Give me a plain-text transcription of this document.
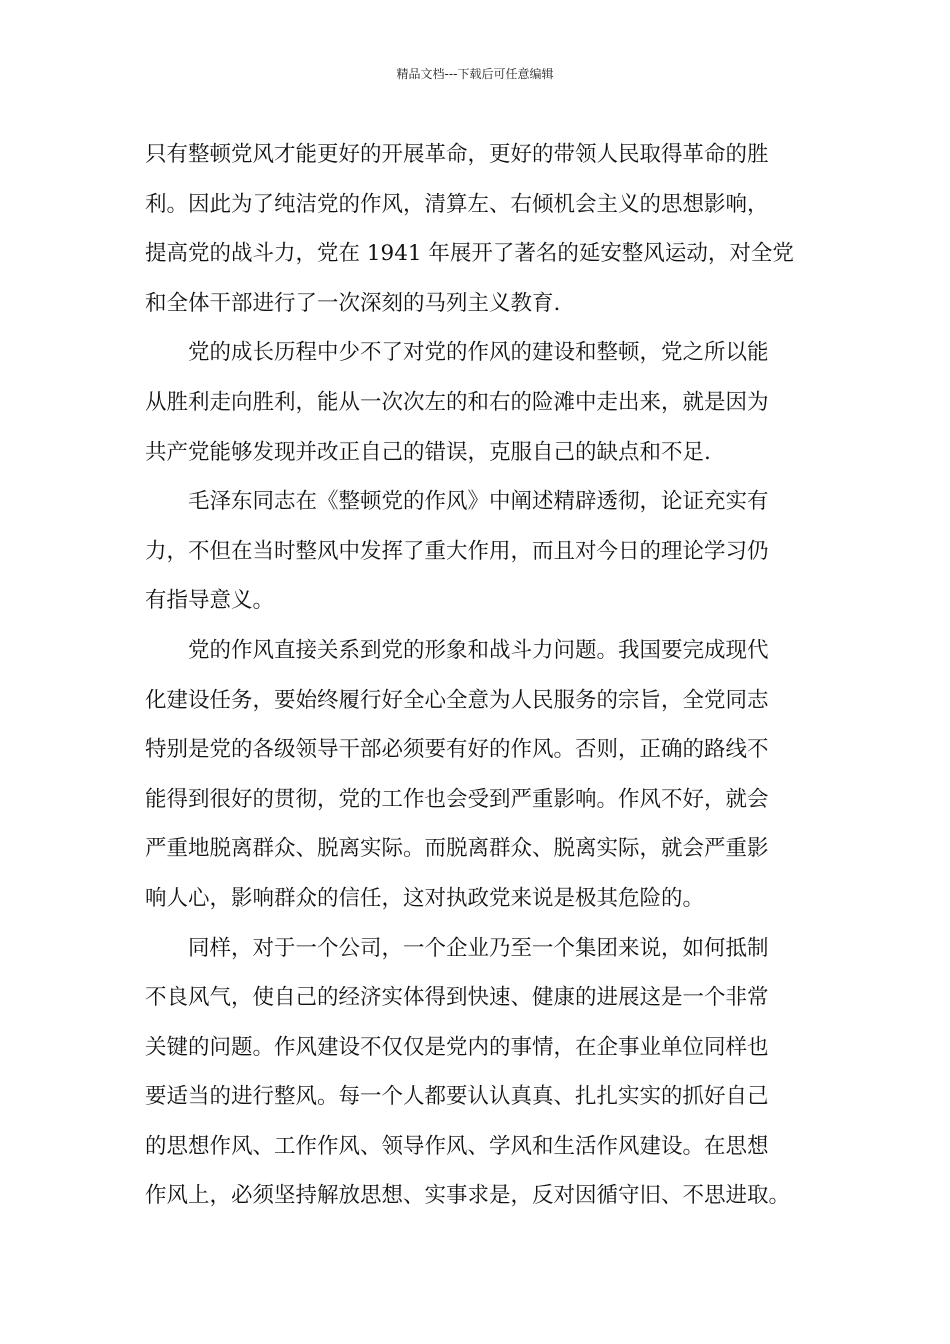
精品文档---下载后可任意编辑
只有整顿党风才能更好的开展革命，更好的带领人民取得革命的胜
利。因此为了纯洁党的作风，清算左、右倾机会主义的思想影响，
提高党的战斗力，党在 1941 年展开了著名的延安整风运动，对全党
和全体干部进行了一次深刻的马列主义教育.
党的成长历程中少不了对党的作风的建设和整顿，党之所以能
从胜利走向胜利，能从一次次左的和右的险滩中走出来，就是因为
共产党能够发现并改正自己的错误，克服自己的缺点和不足.
毛泽东同志在《整顿党的作风》中阐述精辟透彻，论证充实有
力，不但在当时整风中发挥了重大作用，而且对今日的理论学习仍
有指导意义。
党的作风直接关系到党的形象和战斗力问题。我国要完成现代
化建设任务，要始终履行好全心全意为人民服务的宗旨，全党同志
特别是党的各级领导干部必须要有好的作风。否则，正确的路线不
能得到很好的贯彻，党的工作也会受到严重影响。作风不好，就会
严重地脱离群众、脱离实际。而脱离群众、脱离实际，就会严重影
响人心，影响群众的信任，这对执政党来说是极其危险的。
同样，对于一个公司，一个企业乃至一个集团来说，如何抵制
不良风气，使自己的经济实体得到快速、健康的进展这是一个非常
关键的问题。作风建设不仅仅是党内的事情，在企事业单位同样也
要适当的进行整风。每一个人都要认认真真、扎扎实实的抓好自己
的思想作风、工作作风、领导作风、学风和生活作风建设。在思想
作风上，必须坚持解放思想、实事求是，反对因循守旧、不思进取。
